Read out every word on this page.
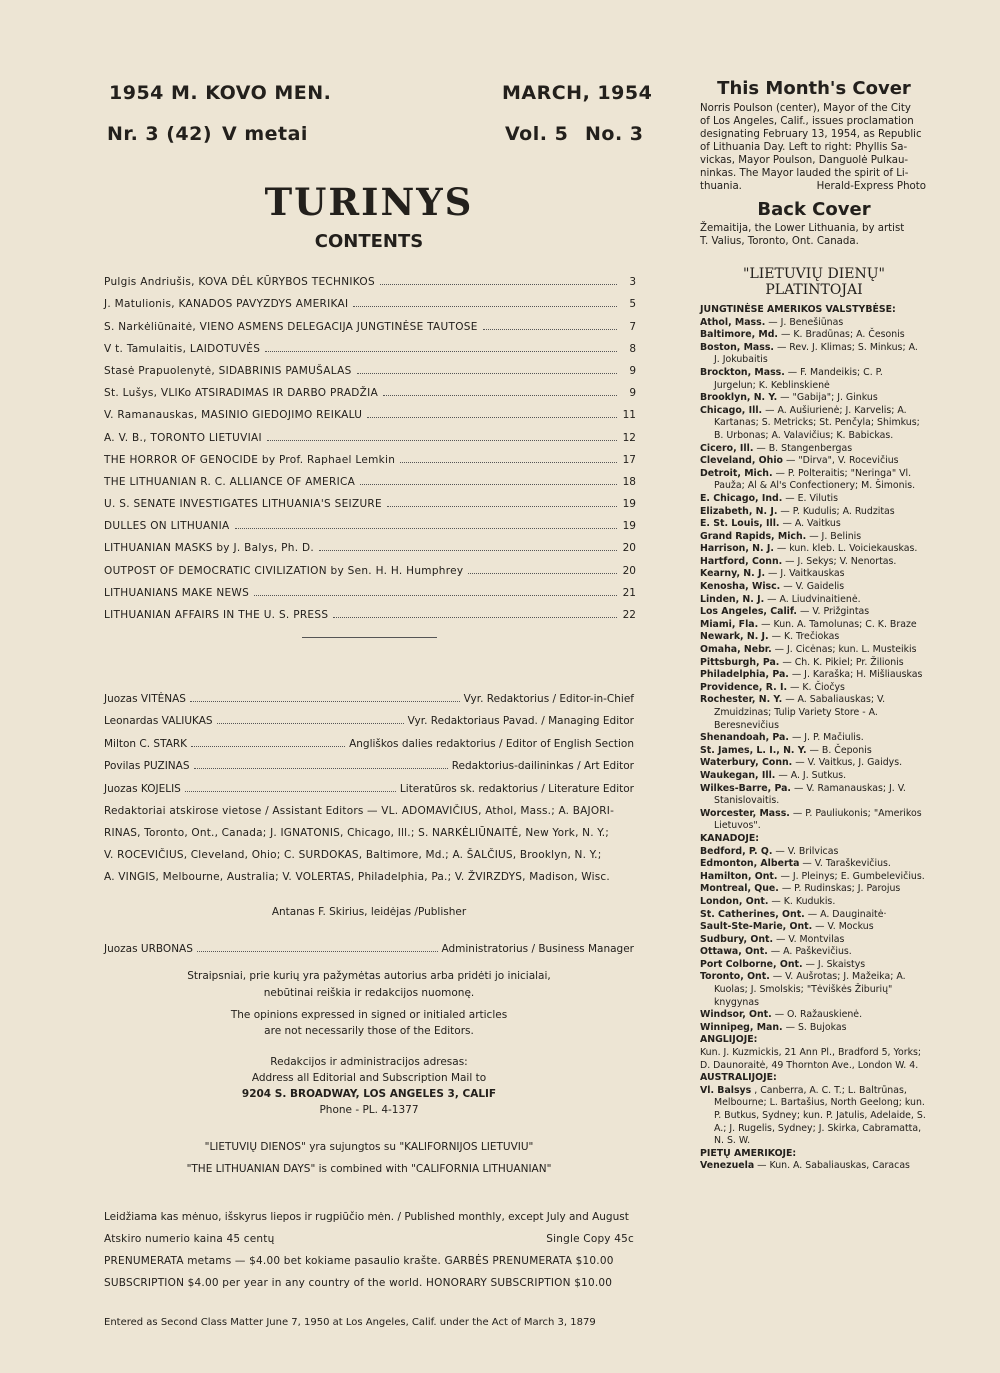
1954 M. KOVO MEN.
Nr. 3 (42) V metai
MARCH, 1954
Vol. 5 No. 3
TURINYS
CONTENTS
Pulgis Andriušis, KOVA DĖL KŪRYBOS TECHNIKOS	3
J. Matulionis, KANADOS PAVYZDYS AMERIKAI	5
S. Narkėliūnaitė, VIENO ASMENS DELEGACIJA JUNGTINĖSE TAUTOSE	7
V t. Tamulaitis, LAIDOTUVĖS	8
Stasė Prapuolenytė, SIDABRINIS PAMUŠALAS	9
St. Lušys, VLIKo ATSIRADIMAS IR DARBO PRADŽIA	9
V. Ramanauskas, MASINIO GIEDOJIMO REIKALU	11
A. V. B., TORONTO LIETUVIAI	12
THE HORROR OF GENOCIDE by Prof. Raphael Lemkin	17
THE LITHUANIAN R. C. ALLIANCE OF AMERICA	18
U. S. SENATE INVESTIGATES LITHUANIA'S SEIZURE	19
DULLES ON LITHUANIA	19
LITHUANIAN MASKS by J. Balys, Ph. D.	20
OUTPOST OF DEMOCRATIC CIVILIZATION by Sen. H. H. Humphrey	20
LITHUANIANS MAKE NEWS	21
LITHUANIAN AFFAIRS IN THE U. S. PRESS	22
Juozas VITĖNAS	Vyr. Redaktorius / Editor-in-Chief
Leonardas VALIUKAS	Vyr. Redaktoriaus Pavad. / Managing Editor
Milton C. STARK	Angliškos dalies redaktorius / Editor of English Section
Povilas PUZINAS	Redaktorius-dailininkas / Art Editor
Juozas KOJELIS	Literatūros sk. redaktorius / Literature Editor
Redaktoriai atskirose vietose / Assistant Editors — VL. ADOMAVIČIUS, Athol, Mass.; A. BAJORI-
RINAS, Toronto, Ont., Canada; J. IGNATONIS, Chicago, Ill.; S. NARKĖLIŪNAITĖ, New York, N. Y.;
V. ROCEVIČIUS, Cleveland, Ohio; C. SURDOKAS, Baltimore, Md.; A. ŠALČIUS, Brooklyn, N. Y.;
A. VINGIS, Melbourne, Australia; V. VOLERTAS, Philadelphia, Pa.; V. ŽVIRZDYS, Madison, Wisc.
Antanas F. Skirius, leidėjas /Publisher
Juozas URBONAS	Administratorius / Business Manager
Straipsniai, prie kurių yra pažymėtas autorius arba pridėti jo inicialai,
nebūtinai reiškia ir redakcijos nuomonę.
The opinions expressed in signed or initialed articles
are not necessarily those of the Editors.
Redakcijos ir administracijos adresas:
Address all Editorial and Subscription Mail to
9204 S. BROADWAY, LOS ANGELES 3, CALIF
Phone - PL. 4-1377
"LIETUVIŲ DIENOS" yra sujungtos su "KALIFORNIJOS LIETUVIU"
"THE LITHUANIAN DAYS" is combined with "CALIFORNIA LITHUANIAN"
Leidžiama kas mėnuo, išskyrus liepos ir rugpiūčio mėn. / Published monthly, except July and August
Atskiro numerio kaina 45 centų	Single Copy 45c
PRENUMERATA metams — $4.00 bet kokiame pasaulio krašte. GARBĖS PRENUMERATA $10.00
SUBSCRIPTION $4.00 per year in any country of the world. HONORARY SUBSCRIPTION $10.00
Entered as Second Class Matter June 7, 1950 at Los Angeles, Calif. under the Act of March 3, 1879
This Month's Cover
Norris Poulson (center), Mayor of the City
of Los Angeles, Calif., issues proclamation
designating February 13, 1954, as Republic
of Lithuania Day. Left to right: Phyllis Sa-
vickas, Mayor Poulson, Danguolė Pulkau-
ninkas. The Mayor lauded the spirit of Li-
thuania.	Herald-Express Photo
Back Cover
Žemaitija, the Lower Lithuania, by artist
T. Valius, Toronto, Ont. Canada.
"LIETUVIŲ DIENŲ"
PLATINTOJAI
JUNGTINĖSE AMERIKOS VALSTYBĖSE:
Athol, Mass. — J. Benešiūnas
Baltimore, Md. — K. Bradūnas; A. Česonis
Boston, Mass. — Rev. J. Klimas; S. Minkus; A. J. Jokubaitis
Brockton, Mass. — F. Mandeikis; C. P. Jurgelun; K. Keblinskienė
Brooklyn, N. Y. — "Gabija"; J. Ginkus
Chicago, Ill. — A. Aušiurienė; J. Karvelis; A. Kartanas; S. Metricks; St. Penčyla; Shimkus; B. Urbonas; A. Valavičius; K. Babickas.
Cicero, Ill. — B. Stangenbergas
Cleveland, Ohio — "Dirva", V. Rocevičius
Detroit, Mich. — P. Polteraitis; "Neringa" Vl. Pauža; Al & Al's Confectionery; M. Šimonis.
E. Chicago, Ind. — E. Vilutis
Elizabeth, N. J. — P. Kudulis; A. Rudzitas
E. St. Louis, Ill. — A. Vaitkus
Grand Rapids, Mich. — J. Belinis
Harrison, N. J. — kun. kleb. L. Voiciekauskas.
Hartford, Conn. — J. Sekys; V. Nenortas.
Kearny, N. J. — J. Vaitkauskas
Kenosha, Wisc. — V. Gaidelis
Linden, N. J. — A. Liudvinaitienė.
Los Angeles, Calif. — V. Prižgintas
Miami, Fla. — Kun. A. Tamolunas; C. K. Braze
Newark, N. J. — K. Trečiokas
Omaha, Nebr. — J. Cicėnas; kun. L. Musteikis
Pittsburgh, Pa. — Ch. K. Pikiel; Pr. Žilionis
Philadelphia, Pa. — J. Karaška; H. Mišliauskas
Providence, R. I. — K. Čiočys
Rochester, N. Y. — A. Sabaliauskas; V. Zmuidzinas; Tulip Variety Store - A. Beresnevičius
Shenandoah, Pa. — J. P. Mačiulis.
St. James, L. I., N. Y. — B. Čeponis
Waterbury, Conn. — V. Vaitkus, J. Gaidys.
Waukegan, Ill. — A. J. Sutkus.
Wilkes-Barre, Pa. — V. Ramanauskas; J. V. Stanislovaitis.
Worcester, Mass. — P. Pauliukonis; "Amerikos Lietuvos".
KANADOJE:
Bedford, P. Q. — V. Brilvicas
Edmonton, Alberta — V. Taraškevičius.
Hamilton, Ont. — J. Pleinys; E. Gumbelevičius.
Montreal, Que. — P. Rudinskas; J. Parojus
London, Ont. — K. Kudukis.
St. Catherines, Ont. — A. Dauginaitė·
Sault-Ste-Marie, Ont. — V. Mockus
Sudbury, Ont. — V. Montvilas
Ottawa, Ont. — A. Paškevičius.
Port Colborne, Ont. — J. Skaistys
Toronto, Ont. — V. Aušrotas; J. Mažeika; A. Kuolas; J. Smolskis; "Tėviškės Žiburių" knygynas
Windsor, Ont. — O. Ražauskienė.
Winnipeg, Man. — S. Bujokas
ANGLIJOJE:
Kun. J. Kuzmickis, 21 Ann Pl., Bradford 5, Yorks;
D. Daunoraitė, 49 Thornton Ave., London W. 4.
AUSTRALIJOJE:
Vl. Balsys , Canberra, A. C. T.; L. Baltrūnas, Melbourne; L. Bartašius, North Geelong; kun. P. Butkus, Sydney; kun. P. Jatulis, Adelaide, S. A.; J. Rugelis, Sydney; J. Skirka, Cabramatta, N. S. W.
PIETŲ AMERIKOJE:
Venezuela — Kun. A. Sabaliauskas, Caracas
